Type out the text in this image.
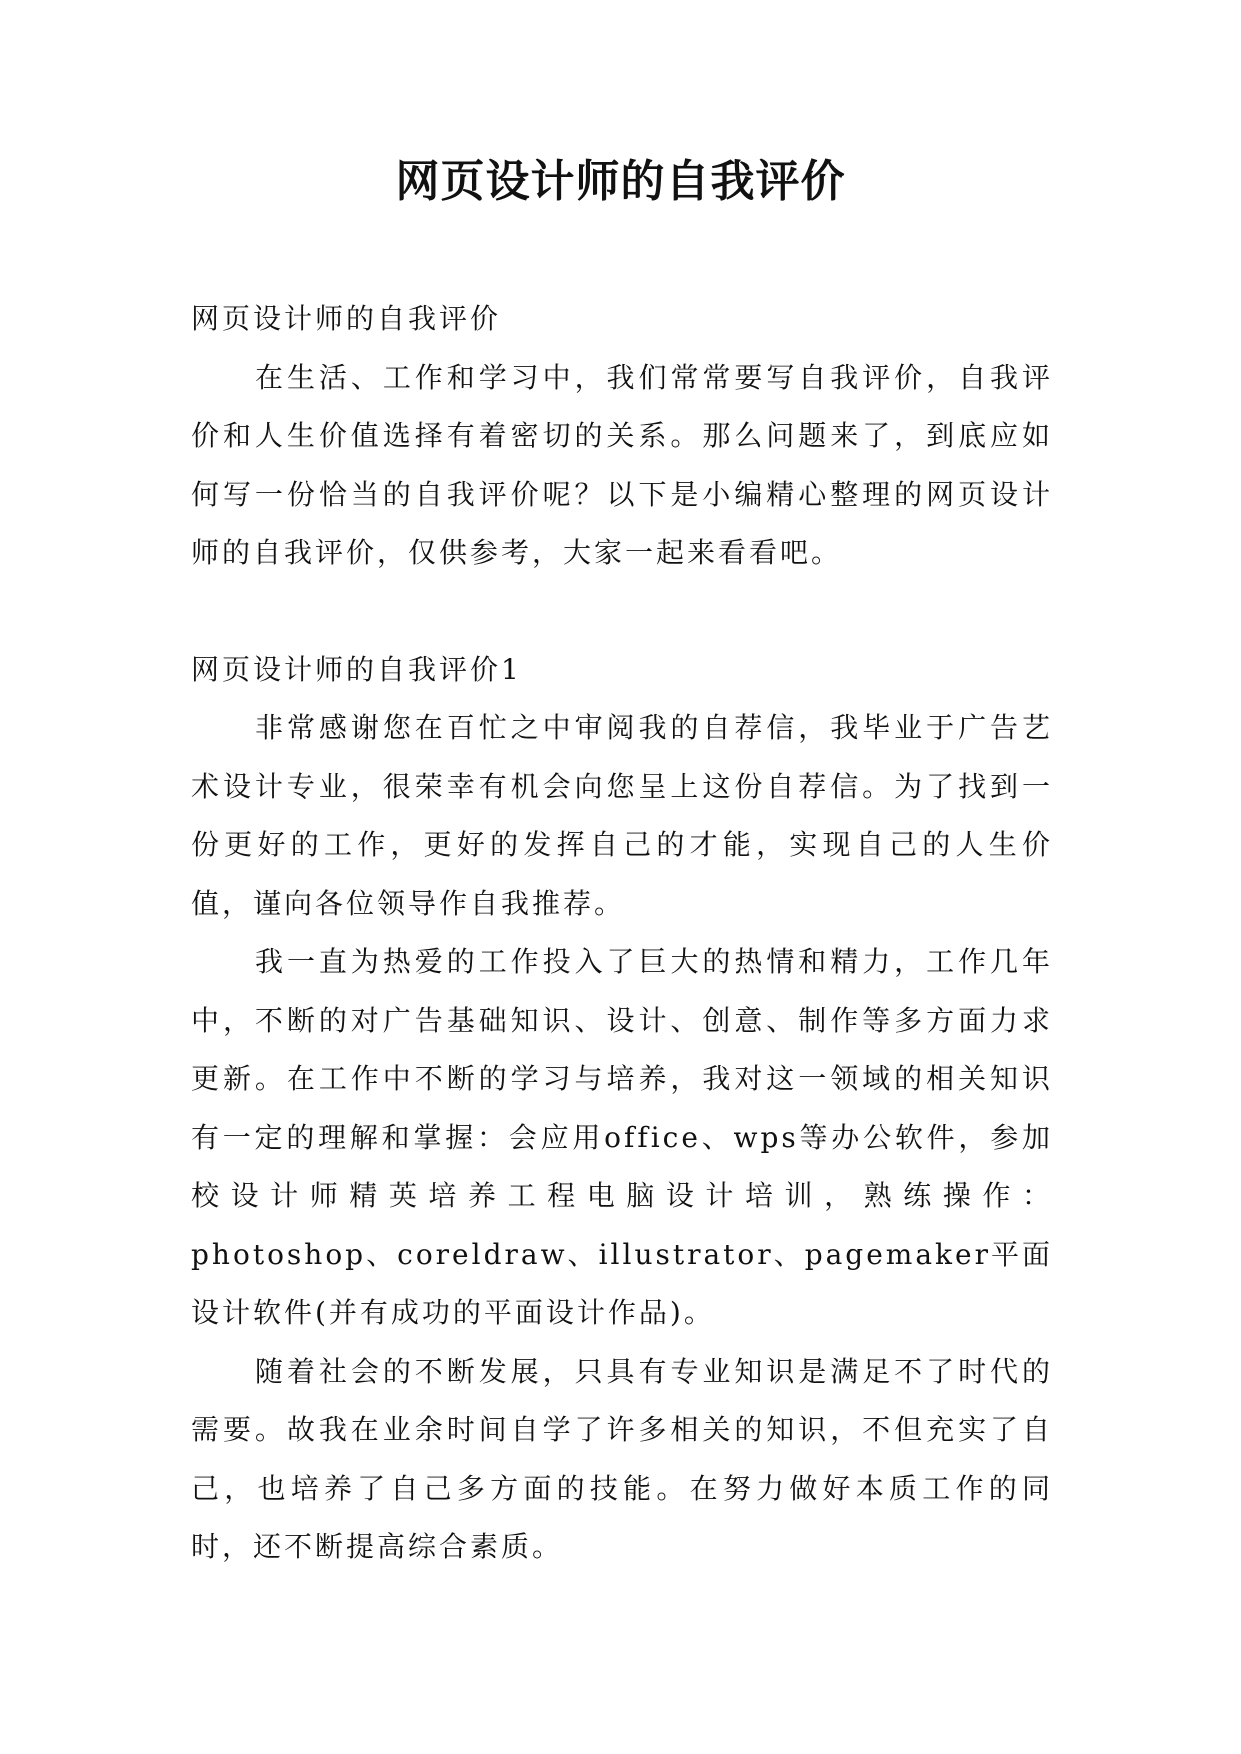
网页设计师的自我评价

网页设计师的自我评价

在生活、工作和学习中，我们常常要写自我评价，自我评价和人生价值选择有着密切的关系。那么问题来了，到底应如何写一份恰当的自我评价呢？以下是小编精心整理的网页设计师的自我评价，仅供参考，大家一起来看看吧。

网页设计师的自我评价1

非常感谢您在百忙之中审阅我的自荐信，我毕业于广告艺术设计专业，很荣幸有机会向您呈上这份自荐信。为了找到一份更好的工作，更好的发挥自己的才能，实现自己的人生价值，谨向各位领导作自我推荐。

我一直为热爱的工作投入了巨大的热情和精力，工作几年中，不断的对广告基础知识、设计、创意、制作等多方面力求更新。在工作中不断的学习与培养，我对这一领域的相关知识有一定的理解和掌握：会应用office、wps等办公软件，参加校设计师精英培养工程电脑设计培训，熟练操作：photoshop、coreldraw、illustrator、pagemaker平面设计软件(并有成功的平面设计作品)。

随着社会的不断发展，只具有专业知识是满足不了时代的需要。故我在业余时间自学了许多相关的知识，不但充实了自己，也培养了自己多方面的技能。在努力做好本质工作的同时，还不断提高综合素质。
